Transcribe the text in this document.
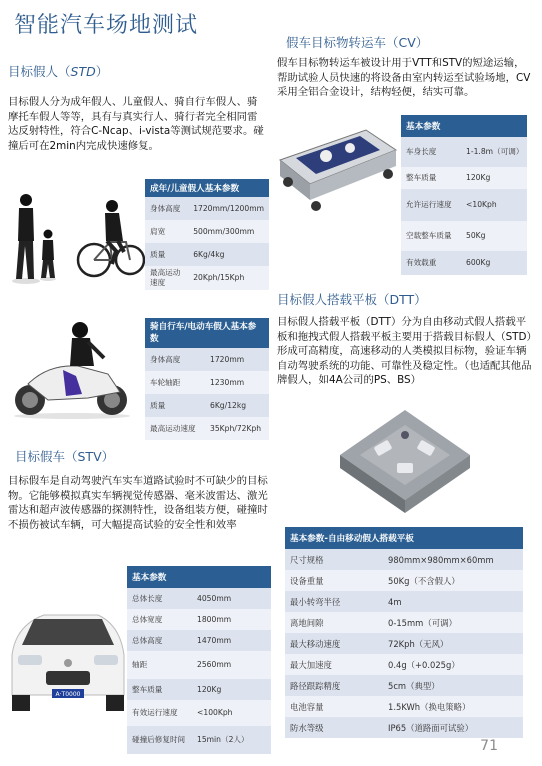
智能汽车场地测试
目标假人（STD）
目标假人分为成年假人、儿童假人、骑自行车假人、骑摩托车假人等等，具有与真实行人、骑行者完全相同雷达反射特性，符合C-Ncap、i-vista等测试规范要求。碰撞后可在2min内完成快速修复。
成年/儿童假人基本参数	
身体高度	1720mm/1200mm
肩宽	500mm/300mm
质量	6Kg/4kg
最高运动速度	20Kph/15Kph
骑自行车/电动车假人基本参数	
身体高度	1720mm
车轮轴距	1230mm
质量	6Kg/12kg
最高运动速度	35Kph/72Kph
目标假车（STV）
目标假车是自动驾驶汽车实车道路试验时不可缺少的目标物。它能够模拟真实车辆视觉传感器、毫米波雷达、激光雷达和超声波传感器的探测特性，设备组装方便，碰撞时不损伤被试车辆，可大幅提高试验的安全性和效率
A·T0000
基本参数	
总体长度	4050mm
总体宽度	1800mm
总体高度	1470mm
轴距	2560mm
整车质量	120Kg
有效运行速度	<100Kph
碰撞后修复时间	15min（2人）
假车目标物转运车（CV）
假车目标物转运车被设计用于VTT和STV的短途运输，帮助试验人员快速的将设备由室内转运至试验场地，CV采用全铝合金设计，结构轻便，结实可靠。
基本参数	
车身长度	1-1.8m（可调）
整车质量	120Kg
允许运行速度	<10Kph
空载整车质量	50Kg
有效载重	600Kg
目标假人搭载平板（DTT）
目标假人搭载平板（DTT）分为自由移动式假人搭载平板和拖拽式假人搭载平板主要用于搭载目标假人（STD）形成可高精度，高速移动的人类模拟目标物，验证车辆自动驾驶系统的功能、可靠性及稳定性。（也适配其他品牌假人，如4A公司的PS、BS）
基本参数-自由移动假人搭载平板	
尺寸规格	980mm×980mm×60mm
设备重量	50Kg（不含假人）
最小转弯半径	4m
离地间隙	0-15mm（可调）
最大移动速度	72Kph（无风）
最大加速度	0.4g（+0.025g）
路径跟踪精度	5cm（典型）
电池容量	1.5KWh（换电策略）
防水等级	IP65（道路面可试验）
71
